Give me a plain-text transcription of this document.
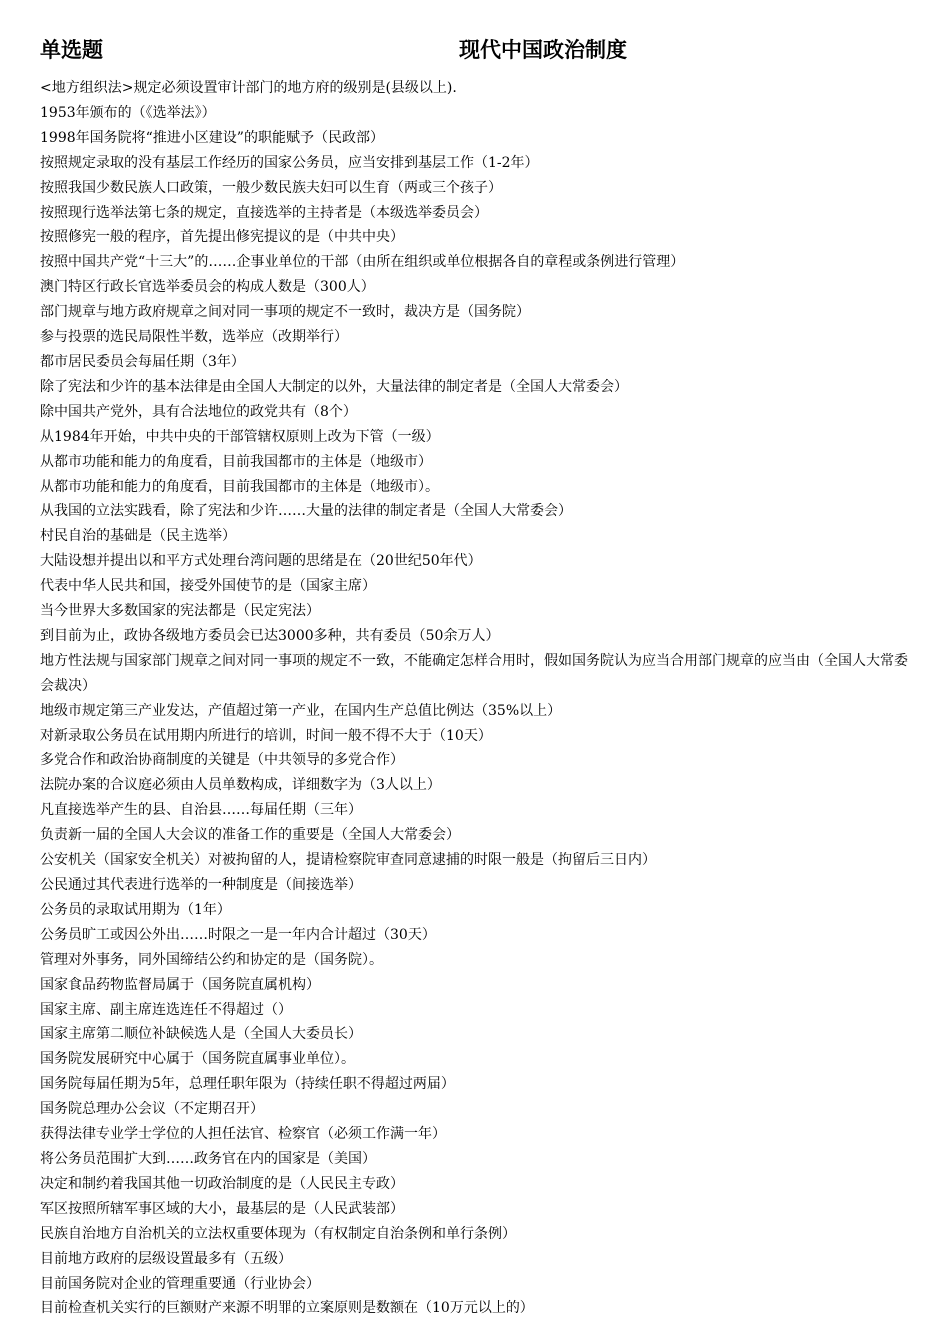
单选题	现代中国政治制度
<地方组织法>规定必须设置审计部门的地方府的级别是(县级以上).
1953年颁布的（《选举法》）
1998年国务院将“推进小区建设”的职能赋予（民政部）
按照规定录取的没有基层工作经历的国家公务员，应当安排到基层工作（1-2年）
按照我国少数民族人口政策，一般少数民族夫妇可以生育（两或三个孩子）
按照现行选举法第七条的规定，直接选举的主持者是（本级选举委员会）
按照修宪一般的程序，首先提出修宪提议的是（中共中央）
按照中国共产党“十三大”的……企事业单位的干部（由所在组织或单位根据各自的章程或条例进行管理）
澳门特区行政长官选举委员会的构成人数是（300人）
部门规章与地方政府规章之间对同一事项的规定不一致时，裁决方是（国务院）
参与投票的选民局限性半数，选举应（改期举行）
都市居民委员会每届任期（3年）
除了宪法和少许的基本法律是由全国人大制定的以外，大量法律的制定者是（全国人大常委会）
除中国共产党外，具有合法地位的政党共有（8个）
从1984年开始，中共中央的干部管辖权原则上改为下管（一级）
从都市功能和能力的角度看，目前我国都市的主体是（地级市）
从都市功能和能力的角度看，目前我国都市的主体是（地级市）。
从我国的立法实践看，除了宪法和少许……大量的法律的制定者是（全国人大常委会）
村民自治的基础是（民主选举）
大陆设想并提出以和平方式处理台湾问题的思绪是在（20世纪50年代）
代表中华人民共和国，接受外国使节的是（国家主席）
当今世界大多数国家的宪法都是（民定宪法）
到目前为止，政协各级地方委员会已达3000多种，共有委员（50余万人）
地方性法规与国家部门规章之间对同一事项的规定不一致，不能确定怎样合用时，假如国务院认为应当合用部门规章的应当由（全国人大常委会裁决）
地级市规定第三产业发达，产值超过第一产业，在国内生产总值比例达（35%以上）
对新录取公务员在试用期内所进行的培训，时间一般不得不大于（10天）
多党合作和政治协商制度的关键是（中共领导的多党合作）
法院办案的合议庭必须由人员单数构成，详细数字为（3人以上）
凡直接选举产生的县、自治县……每届任期（三年）
负责新一届的全国人大会议的准备工作的重要是（全国人大常委会）
公安机关（国家安全机关）对被拘留的人，提请检察院审查同意逮捕的时限一般是（拘留后三日内）
公民通过其代表进行选举的一种制度是（间接选举）
公务员的录取试用期为（1年）
公务员旷工或因公外出……时限之一是一年内合计超过（30天）
管理对外事务，同外国缔结公约和协定的是（国务院）。
国家食品药物监督局属于（国务院直属机构）
国家主席、副主席连选连任不得超过（）
国家主席第二顺位补缺候选人是（全国人大委员长）
国务院发展研究中心属于（国务院直属事业单位）。
国务院每届任期为5年，总理任职年限为（持续任职不得超过两届）
国务院总理办公会议（不定期召开）
获得法律专业学士学位的人担任法官、检察官（必须工作满一年）
将公务员范围扩大到……政务官在内的国家是（美国）
决定和制约着我国其他一切政治制度的是（人民民主专政）
军区按照所辖军事区域的大小，最基层的是（人民武装部）
民族自治地方自治机关的立法权重要体现为（有权制定自治条例和单行条例）
目前地方政府的层级设置最多有（五级）
目前国务院对企业的管理重要通（行业协会）
目前检查机关实行的巨额财产来源不明罪的立案原则是数额在（10万元以上的）
